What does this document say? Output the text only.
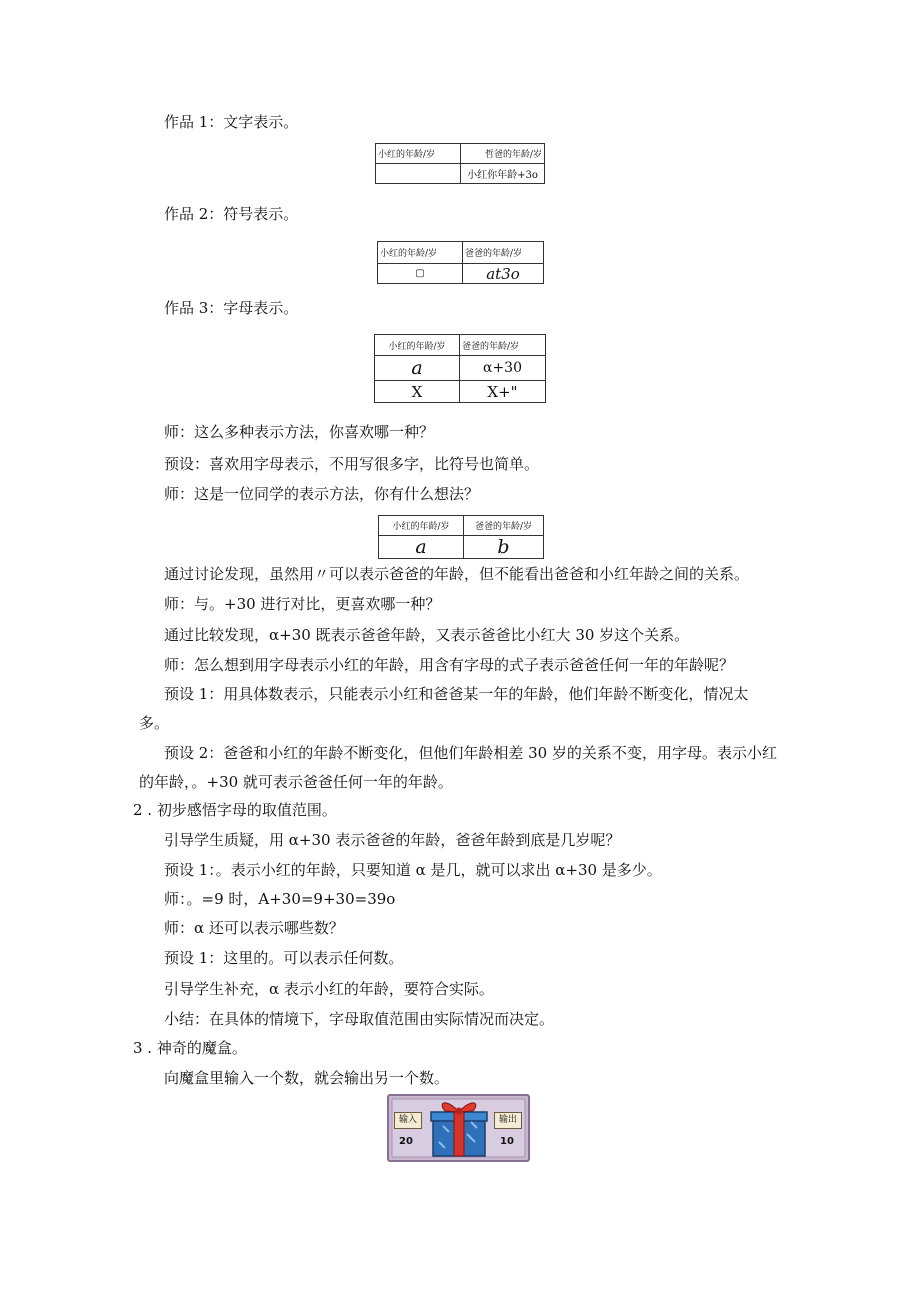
作品 1：文字表示。
小红的年龄/岁	哲爸的年龄/岁
	小红你年龄+3o
作品 2：符号表示。
小红的年龄/岁	爸爸的年龄/岁
▢	at3o
作品 3：字母表示。
小红的年龄/岁	爸爸的年龄/岁
a	α+30
X	X+"
师：这么多种表示方法，你喜欢哪一种？
预设：喜欢用字母表示，不用写很多字，比符号也简单。
师：这是一位同学的表示方法，你有什么想法？
小红的年龄/岁	爸爸的年龄/岁
a	b
通过讨论发现，虽然用〃可以表示爸爸的年龄，但不能看出爸爸和小红年龄之间的关系。
师：与。+30 进行对比，更喜欢哪一种？
通过比较发现，α+30 既表示爸爸年龄，又表示爸爸比小红大 30 岁这个关系。
师：怎么想到用字母表示小红的年龄，用含有字母的式子表示爸爸任何一年的年龄呢？
预设 1：用具体数表示，只能表示小红和爸爸某一年的年龄，他们年龄不断变化，情况太
多。
预设 2：爸爸和小红的年龄不断变化，但他们年龄相差 30 岁的关系不变，用字母。表示小红
的年龄，。+30 就可表示爸爸任何一年的年龄。
2 . 初步感悟字母的取值范围。
引导学生质疑，用 α+30 表示爸爸的年龄，爸爸年龄到底是几岁呢？
预设 1：。表示小红的年龄，只要知道 α 是几，就可以求出 α+30 是多少。
师：。=9 时，A+30=9+30=39o
师：α 还可以表示哪些数？
预设 1：这里的。可以表示任何数。
引导学生补充，α 表示小红的年龄，要符合实际。
小结：在具体的情境下，字母取值范围由实际情况而决定。
3 . 神奇的魔盒。
向魔盒里输入一个数，就会输出另一个数。
输入
20
输出
10
